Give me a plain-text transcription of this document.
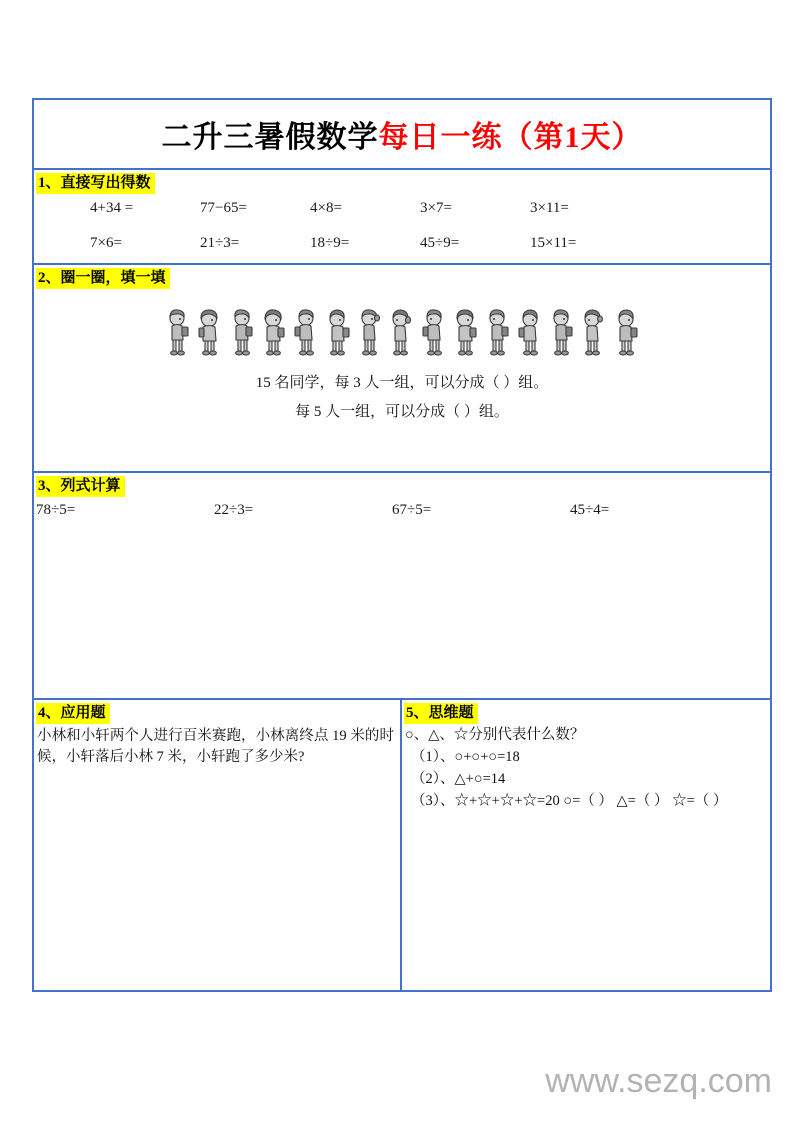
二升三暑假数学每日一练（第1天）
1、直接写出得数
4+34 =	77−65=	4×8=	3×7=	3×11=
7×6=	21÷3=	18÷9=	45÷9=	15×11=
2、圈一圈，填一填
15 名同学，每 3 人一组，可以分成（ ）组。
每 5 人一组，可以分成（ ）组。
3、列式计算
78÷5=	22÷3=	67÷5=	45÷4=
4、应用题
小林和小轩两个人进行百米赛跑，小林离终点 19 米的时候，小轩落后小林 7 米，小轩跑了多少米?
5、思维题
○、△、☆分别代表什么数？
（1）、○+○+○=18
（2）、△+○=14
（3）、☆+☆+☆+☆=20 ○=（ ） △=（ ） ☆=（ ）
www.sezq.com
